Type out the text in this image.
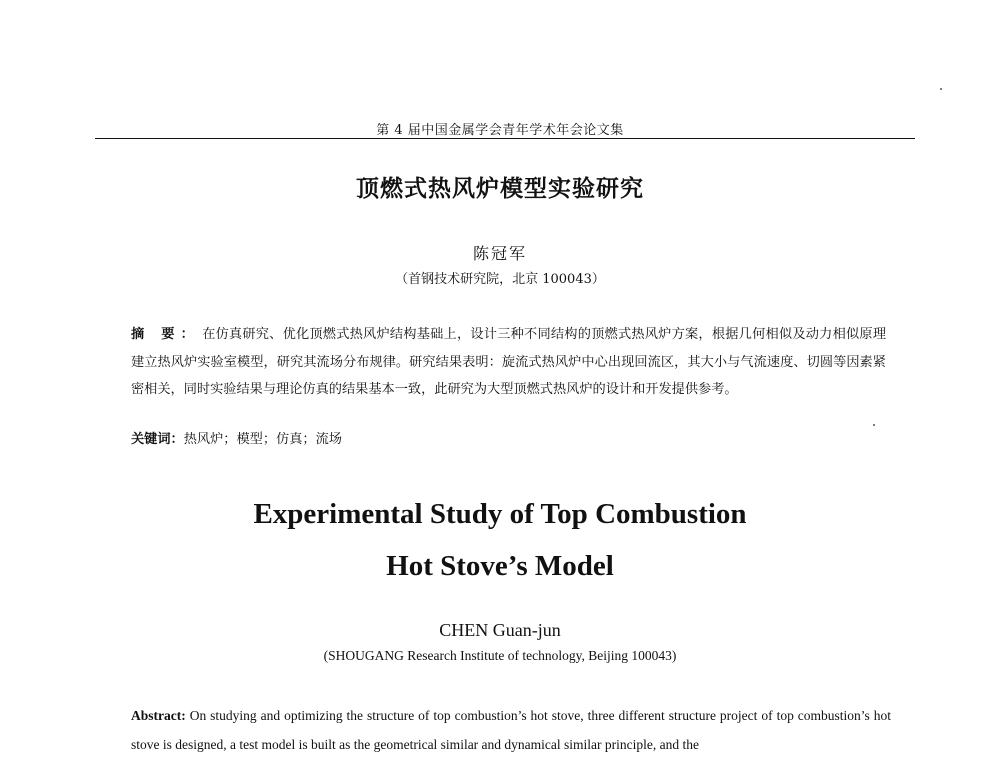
第 4 届中国金属学会青年学术年会论文集
顶燃式热风炉模型实验研究
陈冠军
（首钢技术研究院，北京 100043）
摘 要： 在仿真研究、优化顶燃式热风炉结构基础上，设计三种不同结构的顶燃式热风炉方案，根据几何相似及动力相似原理建立热风炉实验室模型，研究其流场分布规律。研究结果表明：旋流式热风炉中心出现回流区，其大小与气流速度、切圆等因素紧密相关，同时实验结果与理论仿真的结果基本一致，此研究为大型顶燃式热风炉的设计和开发提供参考。
关键词：热风炉；模型；仿真；流场
Experimental Study of Top Combustion
Hot Stove’s Model
CHEN Guan-jun
(SHOUGANG Research Institute of technology, Beijing 100043)
Abstract: On studying and optimizing the structure of top combustion’s hot stove, three different structure project of top combustion’s hot stove is designed, a test model is built as the geometrical similar and dynamical similar principle, and the
